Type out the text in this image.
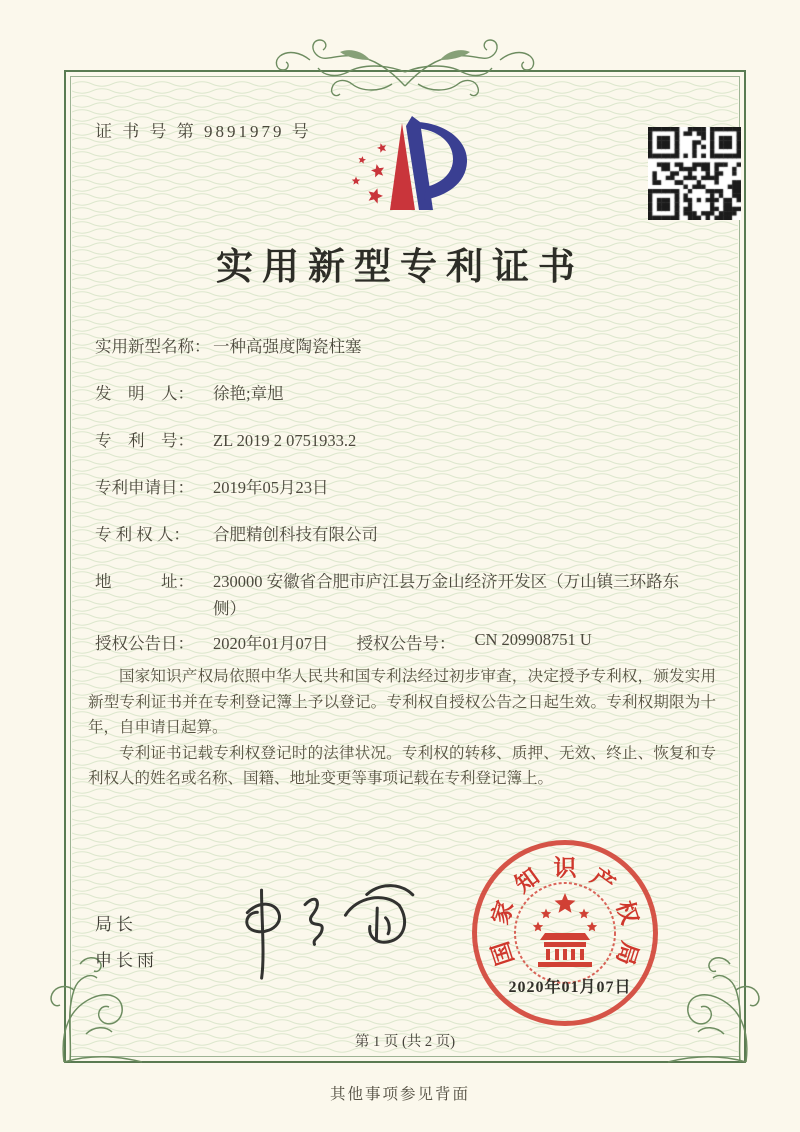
证 书 号 第 9891979 号
实用新型专利证书
实用新型名称： 一种高强度陶瓷柱塞
发　明　人： 徐艳;章旭
专　利　号： ZL 2019 2 0751933.2
专利申请日： 2019年05月23日
专 利 权 人： 合肥精创科技有限公司
地　　　址： 230000 安徽省合肥市庐江县万金山经济开发区（万山镇三环路东侧）
授权公告日： 2020年01月07日 授权公告号： CN 209908751 U

国家知识产权局依照中华人民共和国专利法经过初步审查，决定授予专利权，颁发实用新型专利证书并在专利登记簿上予以登记。专利权自授权公告之日起生效。专利权期限为十年，自申请日起算。

专利证书记载专利权登记时的法律状况。专利权的转移、质押、无效、终止、恢复和专利权人的姓名或名称、国籍、地址变更等事项记载在专利登记簿上。

局长
申长雨	国
家
知 识 产
权
局
2020年01月07日
第 1 页 (共 2 页)
其他事项参见背面
